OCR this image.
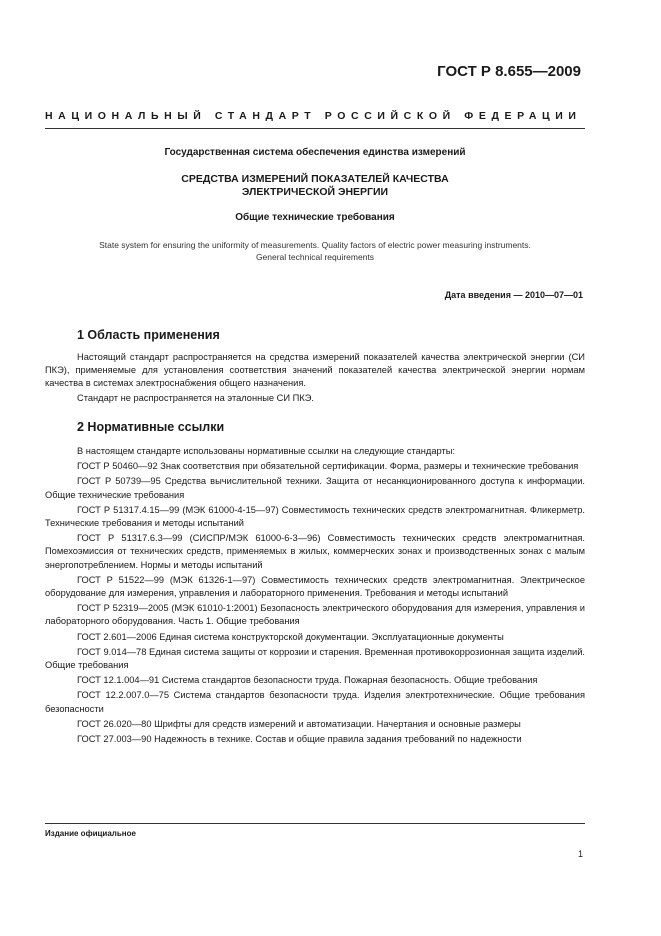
ГОСТ Р 8.655—2009
НАЦИОНАЛЬНЫЙ СТАНДАРТ РОССИЙСКОЙ ФЕДЕРАЦИИ
Государственная система обеспечения единства измерений
СРЕДСТВА ИЗМЕРЕНИЙ ПОКАЗАТЕЛЕЙ КАЧЕСТВА
ЭЛЕКТРИЧЕСКОЙ ЭНЕРГИИ
Общие технические требования
State system for ensuring the uniformity of measurements. Quality factors of electric power measuring instruments.
General technical requirements
Дата введения — 2010—07—01
1 Область применения

Настоящий стандарт распространяется на средства измерений показателей качества электрической энергии (СИ ПКЭ), применяемые для установления соответствия значений показателей качества электрической энергии нормам качества в системах электроснабжения общего назначения.

Стандарт не распространяется на эталонные СИ ПКЭ.

2 Нормативные ссылки

В настоящем стандарте использованы нормативные ссылки на следующие стандарты:

ГОСТ Р 50460—92 Знак соответствия при обязательной сертификации. Форма, размеры и технические требования

ГОСТ Р 50739—95 Средства вычислительной техники. Защита от несанкционированного доступа к информации. Общие технические требования

ГОСТ Р 51317.4.15—99 (МЭК 61000-4-15—97) Совместимость технических средств электромагнитная. Фликерметр. Технические требования и методы испытаний

ГОСТ Р 51317.6.3—99 (СИСПР/МЭК 61000-6-3—96) Совместимость технических средств электромагнитная. Помехоэмиссия от технических средств, применяемых в жилых, коммерческих зонах и производственных зонах с малым энергопотреблением. Нормы и методы испытаний

ГОСТ Р 51522—99 (МЭК 61326-1—97) Совместимость технических средств электромагнитная. Электрическое оборудование для измерения, управления и лабораторного применения. Требования и методы испытаний

ГОСТ Р 52319—2005 (МЭК 61010-1:2001) Безопасность электрического оборудования для измерения, управления и лабораторного оборудования. Часть 1. Общие требования

ГОСТ 2.601—2006 Единая система конструкторской документации. Эксплуатационные документы

ГОСТ 9.014—78 Единая система защиты от коррозии и старения. Временная противокоррозионная защита изделий. Общие требования

ГОСТ 12.1.004—91 Система стандартов безопасности труда. Пожарная безопасность. Общие требования

ГОСТ 12.2.007.0—75 Система стандартов безопасности труда. Изделия электротехнические. Общие требования безопасности

ГОСТ 26.020—80 Шрифты для средств измерений и автоматизации. Начертания и основные размеры

ГОСТ 27.003—90 Надежность в технике. Состав и общие правила задания требований по надежности

Издание официальное
1
